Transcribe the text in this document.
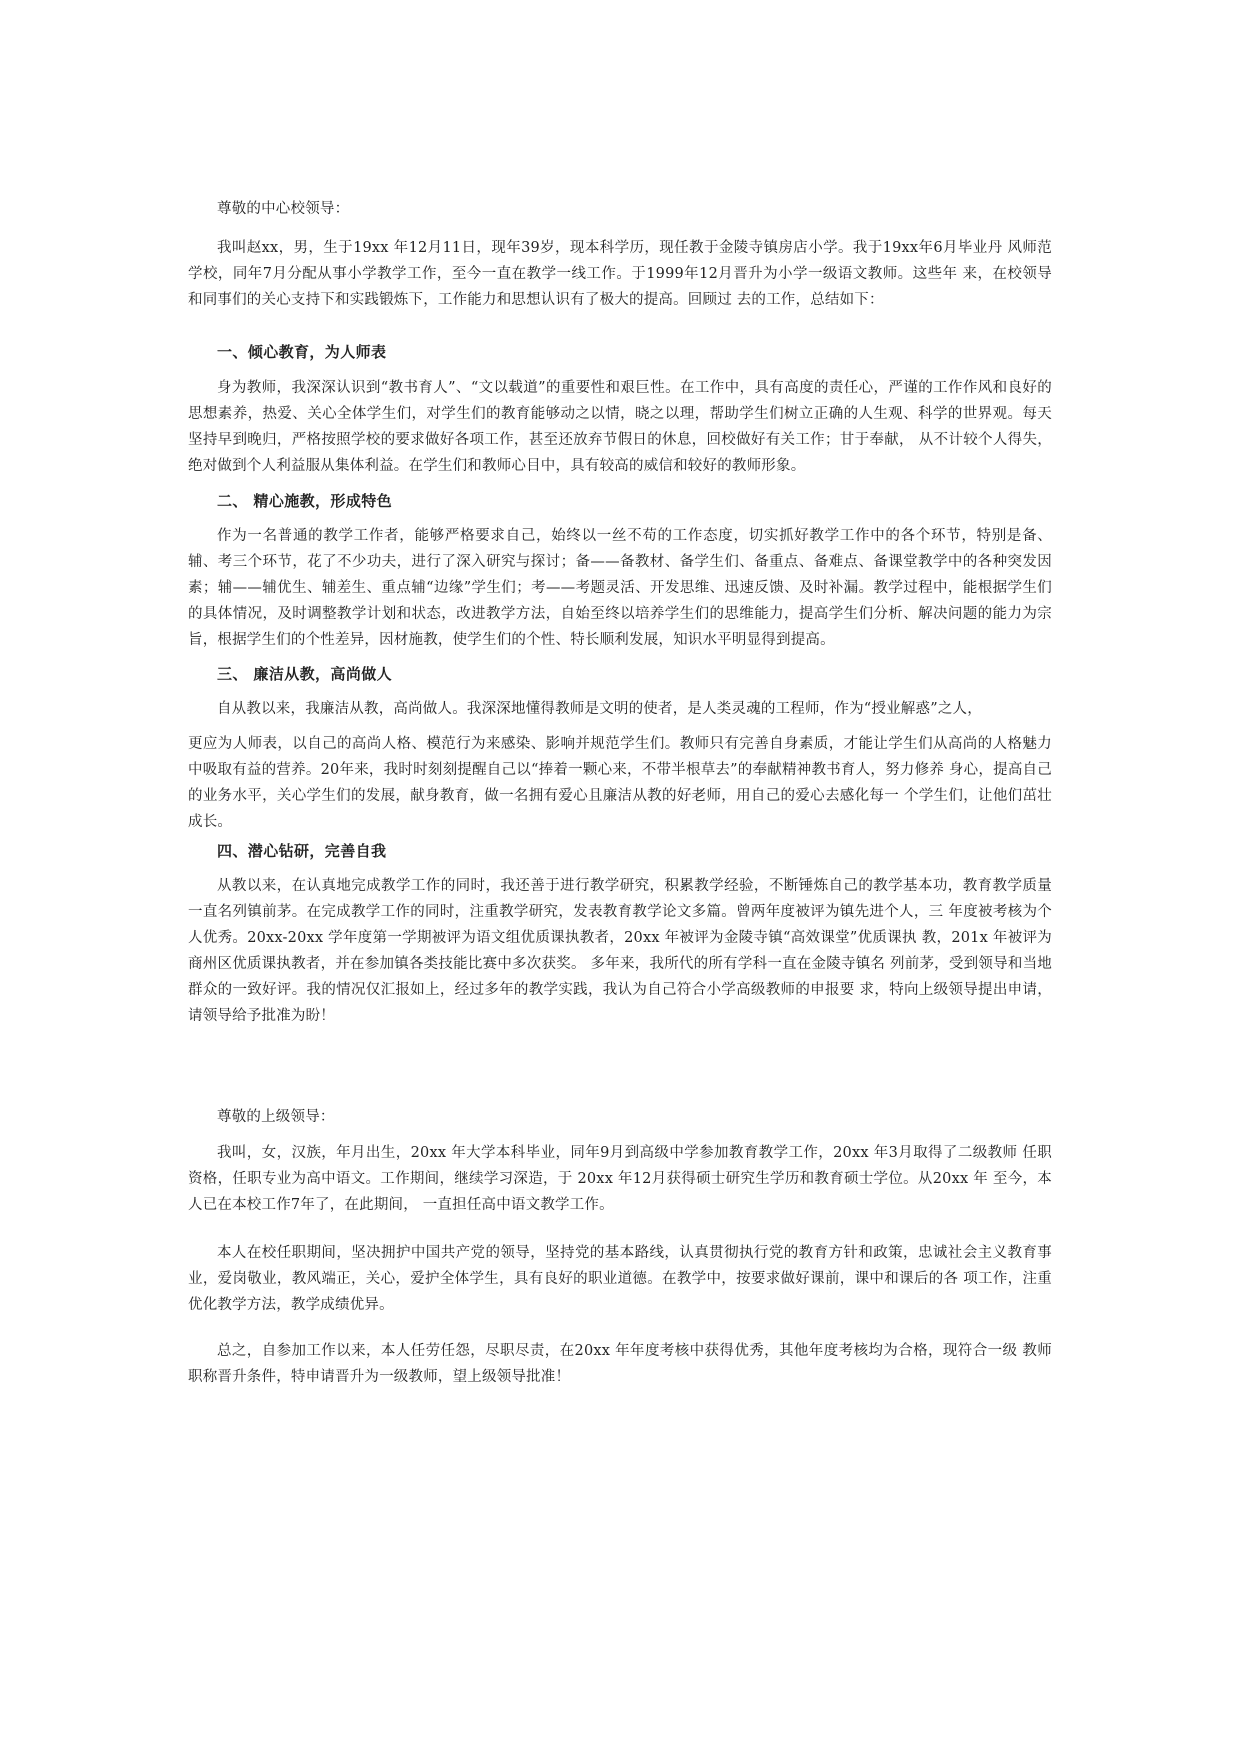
尊敬的中心校领导：

我叫赵xx，男，生于19xx 年12月11日，现年39岁，现本科学历，现任教于金陵寺镇房店小学。我于19xx年6月毕业丹 风师范学校，同年7月分配从事小学教学工作，至今一直在教学一线工作。于1999年12月晋升为小学一级语文教师。这些年 来，在校领导和同事们的关心支持下和实践锻炼下，工作能力和思想认识有了极大的提高。回顾过 去的工作，总结如下：

一、倾心教育，为人师表

身为教师，我深深认识到“教书育人”、“文以载道”的重要性和艰巨性。在工作中，具有高度的责任心，严谨的工作作风和良好的思想素养，热爱、关心全体学生们，对学生们的教育能够动之以情，晓之以理，帮助学生们树立正确的人生观、科学的世界观。每天坚持早到晚归，严格按照学校的要求做好各项工作，甚至还放弃节假日的休息，回校做好有关工作；甘于奉献， 从不计较个人得失，绝对做到个人利益服从集体利益。在学生们和教师心目中，具有较高的威信和较好的教师形象。

二、 精心施教，形成特色

作为一名普通的教学工作者，能够严格要求自己，始终以一丝不苟的工作态度，切实抓好教学工作中的各个环节，特别是备、辅、考三个环节，花了不少功夫，进行了深入研究与探讨；备——备教材、备学生们、备重点、备难点、备课堂教学中的各种突发因素；辅——辅优生、辅差生、重点辅“边缘”学生们；考——考题灵活、开发思维、迅速反馈、及时补漏。教学过程中，能根据学生们的具体情况，及时调整教学计划和状态，改进教学方法，自始至终以培养学生们的思维能力，提高学生们分析、解决问题的能力为宗旨，根据学生们的个性差异，因材施教，使学生们的个性、特长顺利发展，知识水平明显得到提高。

三、 廉洁从教，高尚做人

自从教以来，我廉洁从教，高尚做人。我深深地懂得教师是文明的使者，是人类灵魂的工程师，作为“授业解惑”之人，

更应为人师表，以自己的高尚人格、模范行为来感染、影响并规范学生们。教师只有完善自身素质，才能让学生们从高尚的人格魅力中吸取有益的营养。20年来，我时时刻刻提醒自己以“捧着一颗心来，不带半根草去”的奉献精神教书育人，努力修养 身心，提高自己的业务水平，关心学生们的发展，献身教育，做一名拥有爱心且廉洁从教的好老师，用自己的爱心去感化每一 个学生们，让他们茁壮成长。

四、潜心钻研，完善自我

从教以来，在认真地完成教学工作的同时，我还善于进行教学研究，积累教学经验，不断锤炼自己的教学基本功，教育教学质量一直名列镇前茅。在完成教学工作的同时，注重教学研究，发表教育教学论文多篇。曾两年度被评为镇先进个人，三 年度被考核为个人优秀。20xx-20xx 学年度第一学期被评为语文组优质课执教者，20xx 年被评为金陵寺镇“高效课堂”优质课执 教，201x 年被评为商州区优质课执教者，并在参加镇各类技能比赛中多次获奖。 多年来，我所代的所有学科一直在金陵寺镇名 列前茅，受到领导和当地群众的一致好评。我的情况仅汇报如上，经过多年的教学实践，我认为自己符合小学高级教师的申报要 求，特向上级领导提出申请，请领导给予批准为盼！

尊敬的上级领导：

我叫，女，汉族，年月出生，20xx 年大学本科毕业，同年9月到高级中学参加教育教学工作，20xx 年3月取得了二级教师 任职资格，任职专业为高中语文。工作期间，继续学习深造，于 20xx 年12月获得硕士研究生学历和教育硕士学位。从20xx 年 至今，本人已在本校工作7年了，在此期间， 一直担任高中语文教学工作。

本人在校任职期间，坚决拥护中国共产党的领导，坚持党的基本路线，认真贯彻执行党的教育方针和政策，忠诚社会主义教育事业，爱岗敬业，教风端正，关心，爱护全体学生，具有良好的职业道德。在教学中，按要求做好课前，课中和课后的各 项工作，注重优化教学方法，教学成绩优异。

总之，自参加工作以来，本人任劳任怨，尽职尽责，在20xx 年年度考核中获得优秀，其他年度考核均为合格，现符合一级 教师职称晋升条件，特申请晋升为一级教师，望上级领导批准！
